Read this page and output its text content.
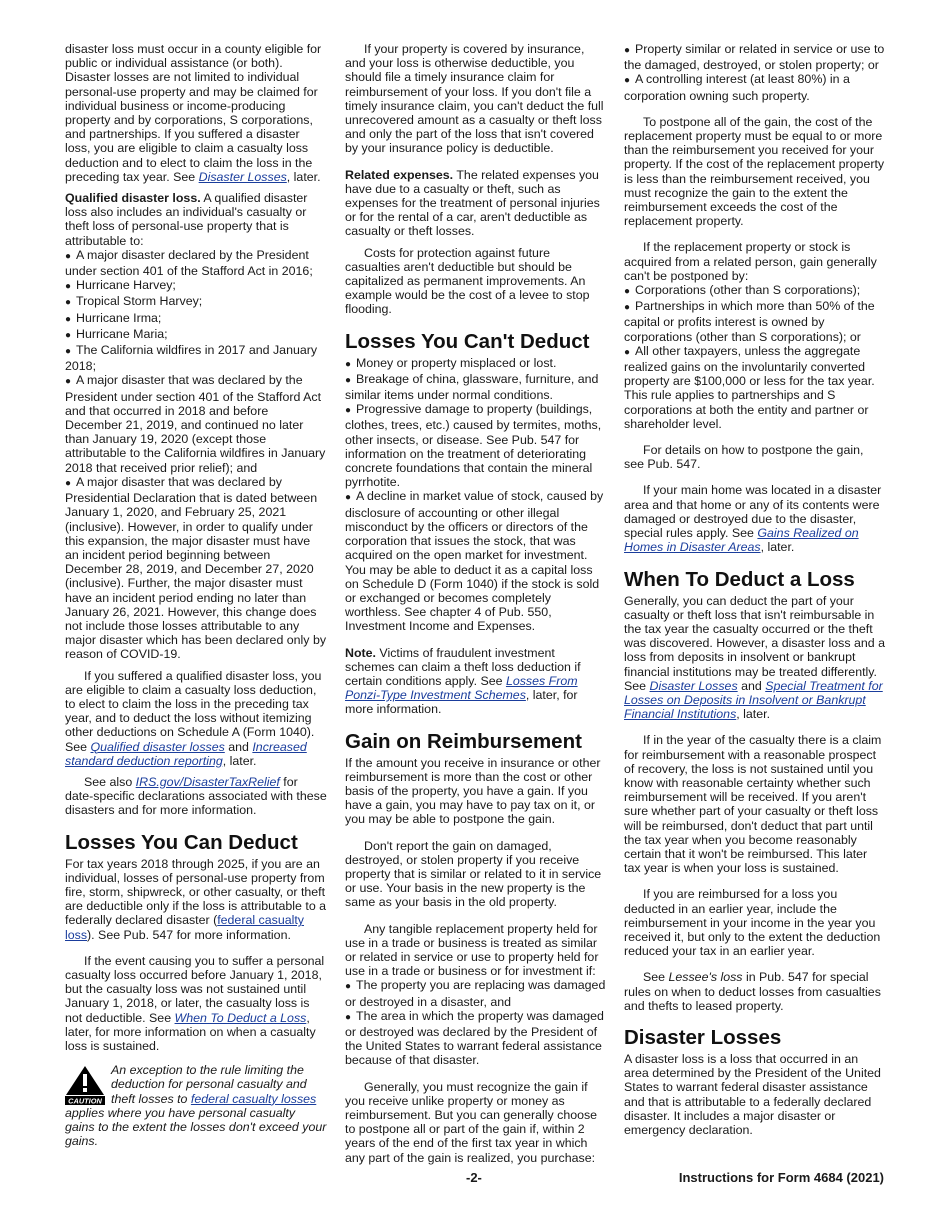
disaster loss must occur in a county eligible for public or individual assistance (or both). Disaster losses are not limited to individual personal-use property and may be claimed for individual business or income-producing property and by corporations, S corporations, and partnerships. If you suffered a disaster loss, you are eligible to claim a casualty loss deduction and to elect to claim the loss in the preceding tax year. See Disaster Losses, later.

Qualified disaster loss. A qualified disaster loss also includes an individual's casualty or theft loss of personal-use property that is attributable to:

● A major disaster declared by the President under section 401 of the Stafford Act in 2016;
● Hurricane Harvey;
● Tropical Storm Harvey;
● Hurricane Irma;
● Hurricane Maria;
● The California wildfires in 2017 and January 2018;
● A major disaster that was declared by the President under section 401 of the Stafford Act and that occurred in 2018 and before December 21, 2019, and continued no later than January 19, 2020 (except those attributable to the California wildfires in January 2018 that received prior relief); and
● A major disaster that was declared by Presidential Declaration that is dated between January 1, 2020, and February 25, 2021 (inclusive). However, in order to qualify under this expansion, the major disaster must have an incident period beginning between December 28, 2019, and December 27, 2020 (inclusive). Further, the major disaster must have an incident period ending no later than January 26, 2021. However, this change does not include those losses attributable to any major disaster which has been declared only by reason of COVID-19.

If you suffered a qualified disaster loss, you are eligible to claim a casualty loss deduction, to elect to claim the loss in the preceding tax year, and to deduct the loss without itemizing other deductions on Schedule A (Form 1040). See Qualified disaster losses and Increased standard deduction reporting, later.

See also IRS.gov/DisasterTaxRelief for date-specific declarations associated with these disasters and for more information.

Losses You Can Deduct

For tax years 2018 through 2025, if you are an individual, losses of personal-use property from fire, storm, shipwreck, or other casualty, or theft are deductible only if the loss is attributable to a federally declared disaster (federal casualty loss). See Pub. 547 for more information.

If the event causing you to suffer a personal casualty loss occurred before January 1, 2018, but the casualty loss was not sustained until January 1, 2018, or later, the casualty loss is not deductible. See When To Deduct a Loss, later, for more information on when a casualty loss is sustained.

CAUTION
An exception to the rule limiting the deduction for personal casualty and theft losses to federal casualty losses applies where you have personal casualty gains to the extent the losses don't exceed your gains.

If your property is covered by insurance, and your loss is otherwise deductible, you should file a timely insurance claim for reimbursement of your loss. If you don't file a timely insurance claim, you can't deduct the full unrecovered amount as a casualty or theft loss and only the part of the loss that isn't covered by your insurance policy is deductible.

Related expenses. The related expenses you have due to a casualty or theft, such as expenses for the treatment of personal injuries or for the rental of a car, aren't deductible as casualty or theft losses.

Costs for protection against future casualties aren't deductible but should be capitalized as permanent improvements. An example would be the cost of a levee to stop flooding.

Losses You Can't Deduct
● Money or property misplaced or lost.
● Breakage of china, glassware, furniture, and similar items under normal conditions.
● Progressive damage to property (buildings, clothes, trees, etc.) caused by termites, moths, other insects, or disease. See Pub. 547 for information on the treatment of deteriorating concrete foundations that contain the mineral pyrrhotite.
● A decline in market value of stock, caused by disclosure of accounting or other illegal misconduct by the officers or directors of the corporation that issues the stock, that was acquired on the open market for investment. You may be able to deduct it as a capital loss on Schedule D (Form 1040) if the stock is sold or exchanged or becomes completely worthless. See chapter 4 of Pub. 550, Investment Income and Expenses.

Note. Victims of fraudulent investment schemes can claim a theft loss deduction if certain conditions apply. See Losses From Ponzi-Type Investment Schemes, later, for more information.

Gain on Reimbursement

If the amount you receive in insurance or other reimbursement is more than the cost or other basis of the property, you have a gain. If you have a gain, you may have to pay tax on it, or you may be able to postpone the gain.

Don't report the gain on damaged, destroyed, or stolen property if you receive property that is similar or related to it in service or use. Your basis in the new property is the same as your basis in the old property.

Any tangible replacement property held for use in a trade or business is treated as similar or related in service or use to property held for use in a trade or business or for investment if:

● The property you are replacing was damaged or destroyed in a disaster, and
● The area in which the property was damaged or destroyed was declared by the President of the United States to warrant federal assistance because of that disaster.

Generally, you must recognize the gain if you receive unlike property or money as reimbursement. But you can generally choose to postpone all or part of the gain if, within 2 years of the end of the first tax year in which any part of the gain is realized, you purchase:

● Property similar or related in service or use to the damaged, destroyed, or stolen property; or
● A controlling interest (at least 80%) in a corporation owning such property.

To postpone all of the gain, the cost of the replacement property must be equal to or more than the reimbursement you received for your property. If the cost of the replacement property is less than the reimbursement received, you must recognize the gain to the extent the reimbursement exceeds the cost of the replacement property.

If the replacement property or stock is acquired from a related person, gain generally can't be postponed by:

● Corporations (other than S corporations);
● Partnerships in which more than 50% of the capital or profits interest is owned by corporations (other than S corporations); or
● All other taxpayers, unless the aggregate realized gains on the involuntarily converted property are $100,000 or less for the tax year. This rule applies to partnerships and S corporations at both the entity and partner or shareholder level.

For details on how to postpone the gain, see Pub. 547.

If your main home was located in a disaster area and that home or any of its contents were damaged or destroyed due to the disaster, special rules apply. See Gains Realized on Homes in Disaster Areas, later.

When To Deduct a Loss

Generally, you can deduct the part of your casualty or theft loss that isn't reimbursable in the tax year the casualty occurred or the theft was discovered. However, a disaster loss and a loss from deposits in insolvent or bankrupt financial institutions may be treated differently. See Disaster Losses and Special Treatment for Losses on Deposits in Insolvent or Bankrupt Financial Institutions, later.

If in the year of the casualty there is a claim for reimbursement with a reasonable prospect of recovery, the loss is not sustained until you know with reasonable certainty whether such reimbursement will be received. If you aren't sure whether part of your casualty or theft loss will be reimbursed, don't deduct that part until the tax year when you become reasonably certain that it won't be reimbursed. This later tax year is when your loss is sustained.

If you are reimbursed for a loss you deducted in an earlier year, include the reimbursement in your income in the year you received it, but only to the extent the deduction reduced your tax in an earlier year.

See Lessee's loss in Pub. 547 for special rules on when to deduct losses from casualties and thefts to leased property.

Disaster Losses

A disaster loss is a loss that occurred in an area determined by the President of the United States to warrant federal disaster assistance and that is attributable to a federally declared disaster. It includes a major disaster or emergency declaration.

-2-	Instructions for Form 4684 (2021)
